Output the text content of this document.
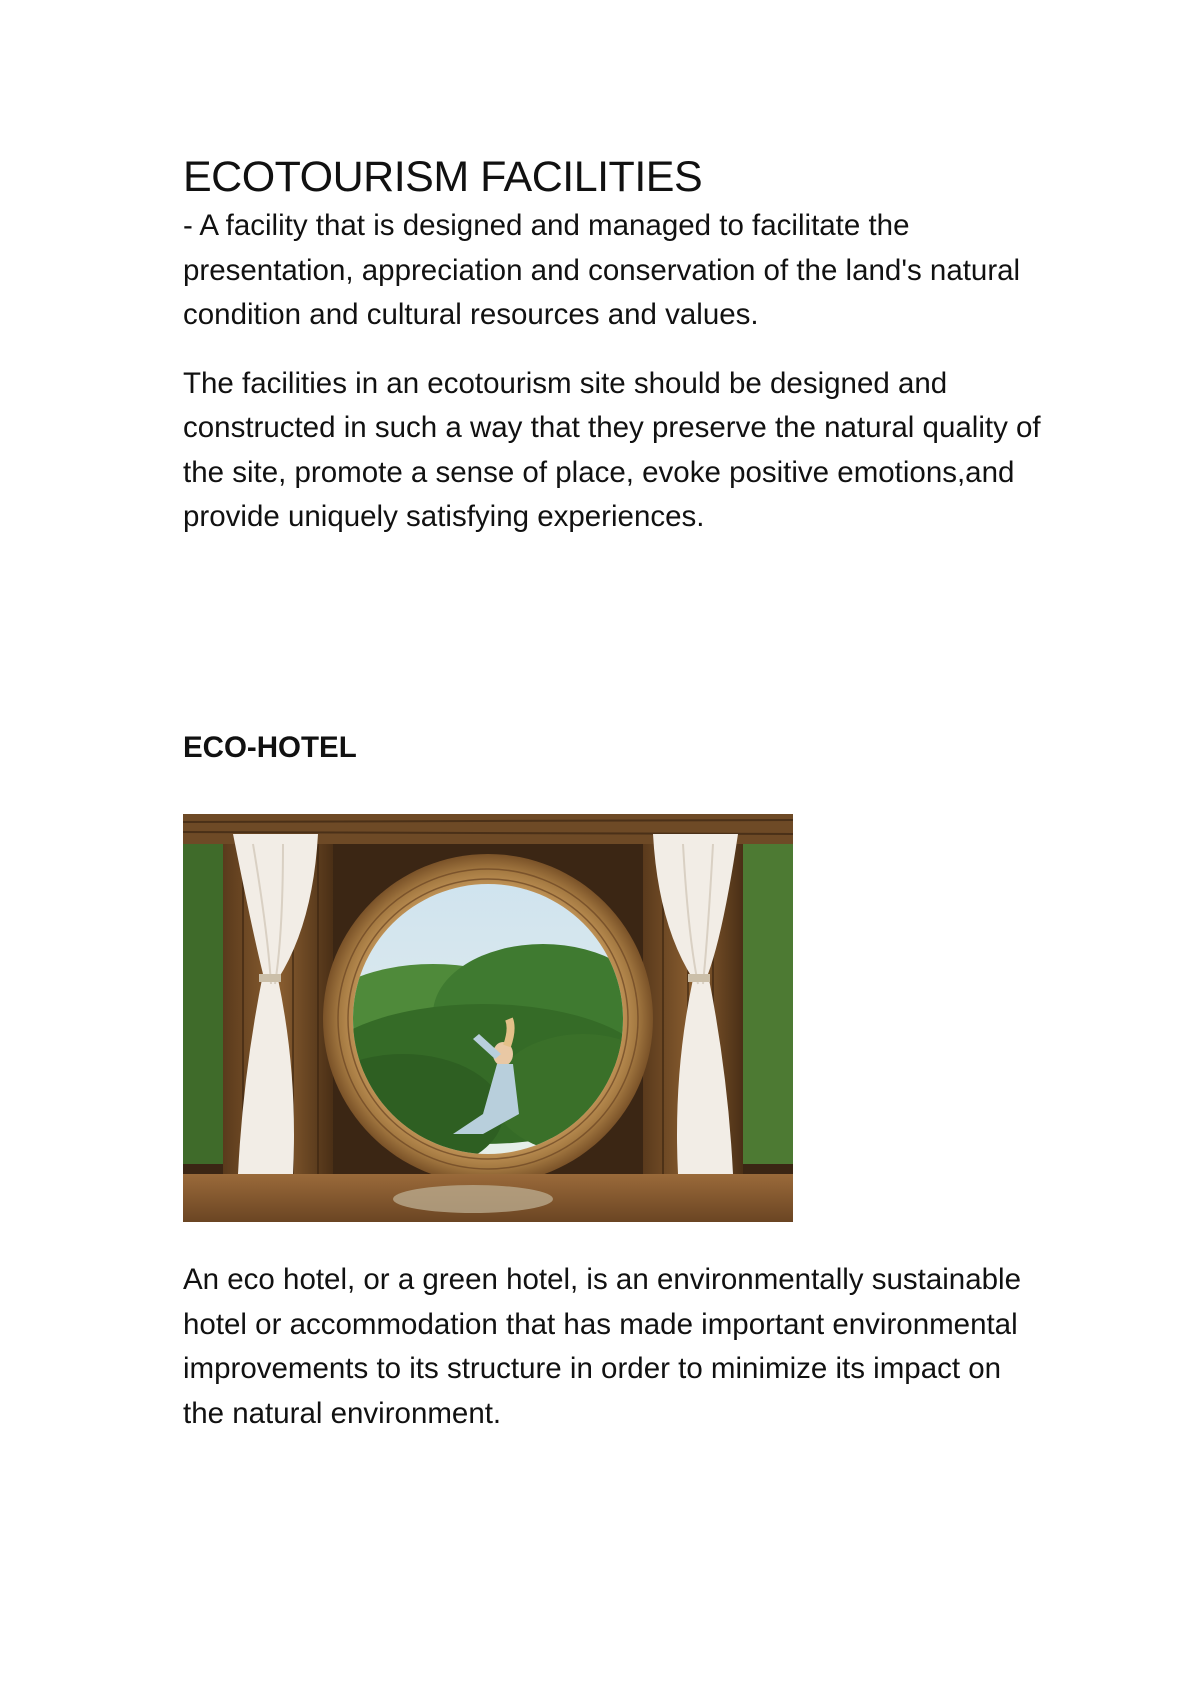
ECOTOURISM FACILITIES

- A facility that is designed and managed to facilitate the presentation, appreciation and conservation of the land's natural condition and cultural resources and values.

The facilities in an ecotourism site should be designed and constructed in such a way that they preserve the natural quality of the site, promote a sense of place, evoke positive emotions,and provide uniquely satisfying experiences.

ECO-HOTEL

An eco hotel, or a green hotel, is an environmentally sustainable hotel or accommodation that has made important environmental improvements to its structure in order to minimize its impact on the natural environment.
